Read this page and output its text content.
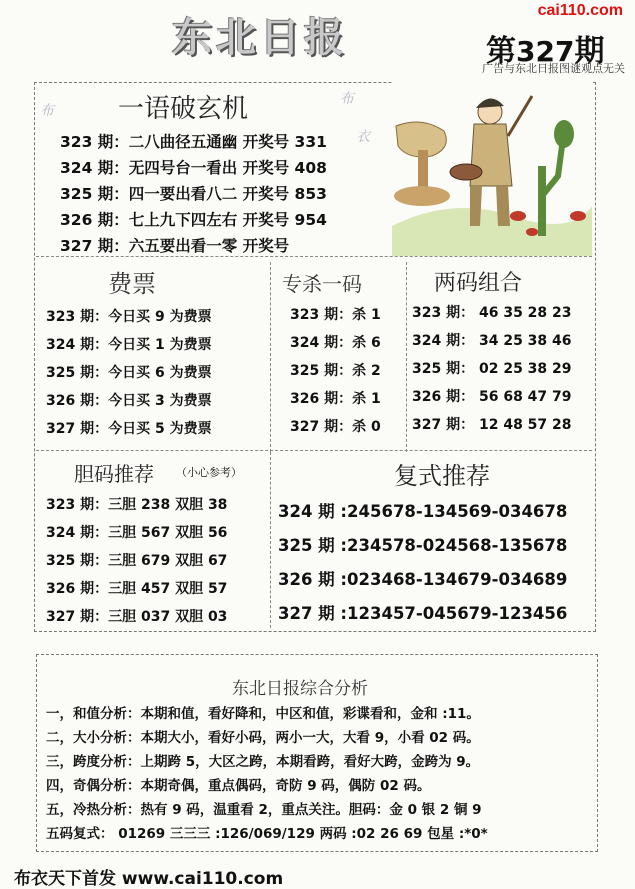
东北日报	第327期
cai110.com
广告与东北日报图谜观点无关
布
衣
布 一语破玄机
323 期：二八曲径五通幽 开奖号 331
324 期：无四号台一看出 开奖号 408
325 期：四一要出看八二 开奖号 853
326 期：七上九下四左右 开奖号 954
327 期：六五要出看一零 开奖号
费票
323 期：今日买 9 为费票
324 期：今日买 1 为费票
325 期：今日买 6 为费票
326 期：今日买 3 为费票
327 期：今日买 5 为费票
专杀一码
323 期：杀 1
324 期：杀 6
325 期：杀 2
326 期：杀 1
327 期：杀 0
两码组合
323 期： 46 35 28 23
324 期： 34 25 38 46
325 期： 02 25 38 29
326 期： 56 68 47 79
327 期： 12 48 57 28
胆码推荐 （小心参考）
323 期：三胆 238 双胆 38
324 期：三胆 567 双胆 56
325 期：三胆 679 双胆 67
326 期：三胆 457 双胆 57
327 期：三胆 037 双胆 03
复式推荐
324 期 :245678-134569-034678
325 期 :234578-024568-135678
326 期 :023468-134679-034689
327 期 :123457-045679-123456
东北日报综合分析
一，和值分析：本期和值，看好降和，中区和值，彩谍看和，金和 :11。
二，大小分析：本期大小，看好小码，两小一大，大看 9，小看 02 码。
三，跨度分析：上期跨 5，大区之跨，本期看跨，看好大跨，金跨为 9。
四，奇偶分析：本期奇偶，重点偶码，奇防 9 码，偶防 02 码。
五，冷热分析：热有 9 码，温重看 2，重点关注。胆码：金 0 银 2 铜 9
五码复式： 01269 三三三 :126/069/129 两码 :02 26 69 包星 :*0*
布衣天下首发 www.cai110.com
